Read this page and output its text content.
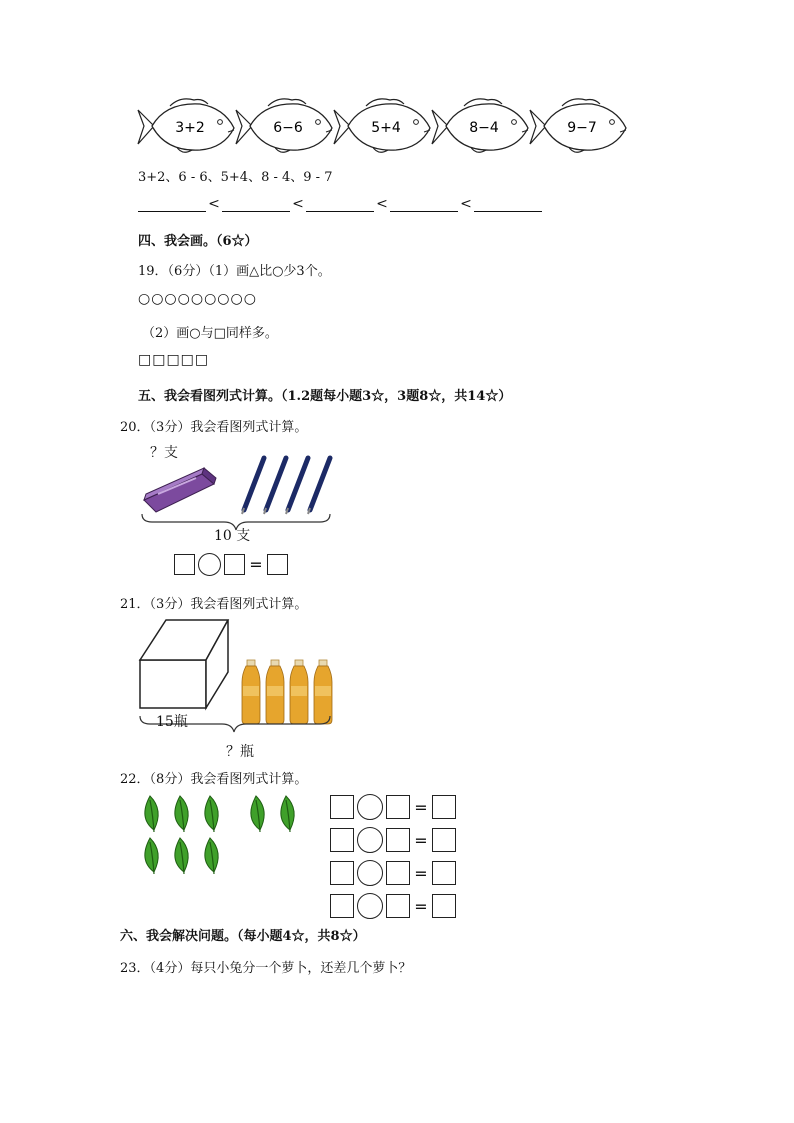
3+2	6−6	5+4	8−4	9−7
3+2、6 - 6、5+4、8 - 4、9 - 7
<	<	<	<
四、我会画。（6☆）
19．（6分）（1）画△比○少3个。
○○○○○○○○○
（2）画○与□同样多。
□□□□□
五、我会看图列式计算。（1.2题每小题3☆，3题8☆，共14☆）
20．（3分）我会看图列式计算。
？支
10 支
=
21．（3分）我会看图列式计算。
15瓶
？瓶
22．（8分）我会看图列式计算。
=
=
=
=
六、我会解决问题。（每小题4☆，共8☆）
23．（4分）每只小兔分一个萝卜，还差几个萝卜？
